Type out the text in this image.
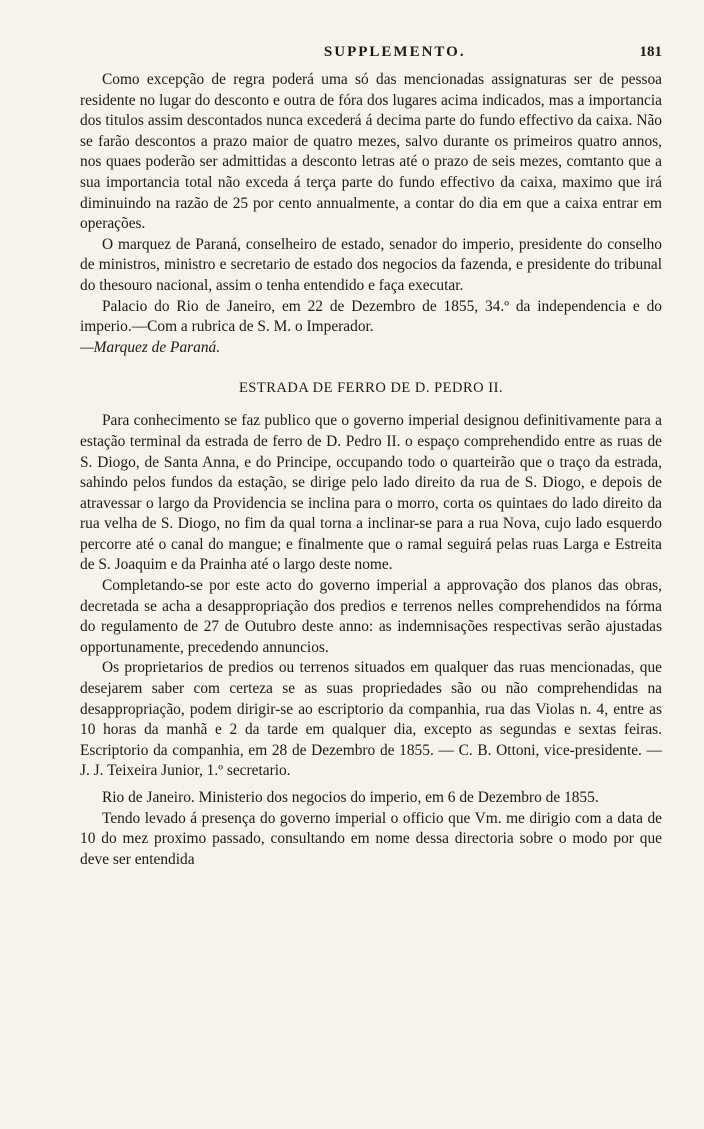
SUPPLEMENTO.	181

Como excepção de regra poderá uma só das mencionadas assignaturas ser de pessoa residente no lugar do desconto e outra de fóra dos lugares acima indicados, mas a importancia dos titulos assim descontados nunca excederá á decima parte do fundo effectivo da caixa. Não se farão descontos a prazo maior de quatro mezes, salvo durante os primeiros quatro annos, nos quaes poderão ser admittidas a desconto letras até o prazo de seis mezes, comtanto que a sua importancia total não exceda á terça parte do fundo effectivo da caixa, maximo que irá diminuindo na razão de 25 por cento annualmente, a contar do dia em que a caixa entrar em operações.

O marquez de Paraná, conselheiro de estado, senador do imperio, presidente do conselho de ministros, ministro e secretario de estado dos negocios da fazenda, e presidente do tribunal do thesouro nacional, assim o tenha entendido e faça executar.

Palacio do Rio de Janeiro, em 22 de Dezembro de 1855, 34.º da independencia e do imperio.—Com a rubrica de S. M. o Imperador.

—Marquez de Paraná.

ESTRADA DE FERRO DE D. PEDRO II.

Para conhecimento se faz publico que o governo imperial designou definitivamente para a estação terminal da estrada de ferro de D. Pedro II. o espaço comprehendido entre as ruas de S. Diogo, de Santa Anna, e do Principe, occupando todo o quarteirão que o traço da estrada, sahindo pelos fundos da estação, se dirige pelo lado direito da rua de S. Diogo, e depois de atravessar o largo da Providencia se inclina para o morro, corta os quintaes do lado direito da rua velha de S. Diogo, no fim da qual torna a inclinar-se para a rua Nova, cujo lado esquerdo percorre até o canal do mangue; e finalmente que o ramal seguirá pelas ruas Larga e Estreita de S. Joaquim e da Prainha até o largo deste nome.

Completando-se por este acto do governo imperial a approvação dos planos das obras, decretada se acha a desappropriação dos predios e terrenos nelles comprehendidos na fórma do regulamento de 27 de Outubro deste anno: as indemnisações respectivas serão ajustadas opportunamente, precedendo annuncios.

Os proprietarios de predios ou terrenos situados em qualquer das ruas mencionadas, que desejarem saber com certeza se as suas propriedades são ou não comprehendidas na desappropriação, podem dirigir-se ao escriptorio da companhia, rua das Violas n. 4, entre as 10 horas da manhã e 2 da tarde em qualquer dia, excepto as segundas e sextas feiras. Escriptorio da companhia, em 28 de Dezembro de 1855. — C. B. Ottoni, vice-presidente. — J. J. Teixeira Junior, 1.º secretario.

Rio de Janeiro. Ministerio dos negocios do imperio, em 6 de Dezembro de 1855.

Tendo levado á presença do governo imperial o officio que Vm. me dirigio com a data de 10 do mez proximo passado, consultando em nome dessa directoria sobre o modo por que deve ser entendida
